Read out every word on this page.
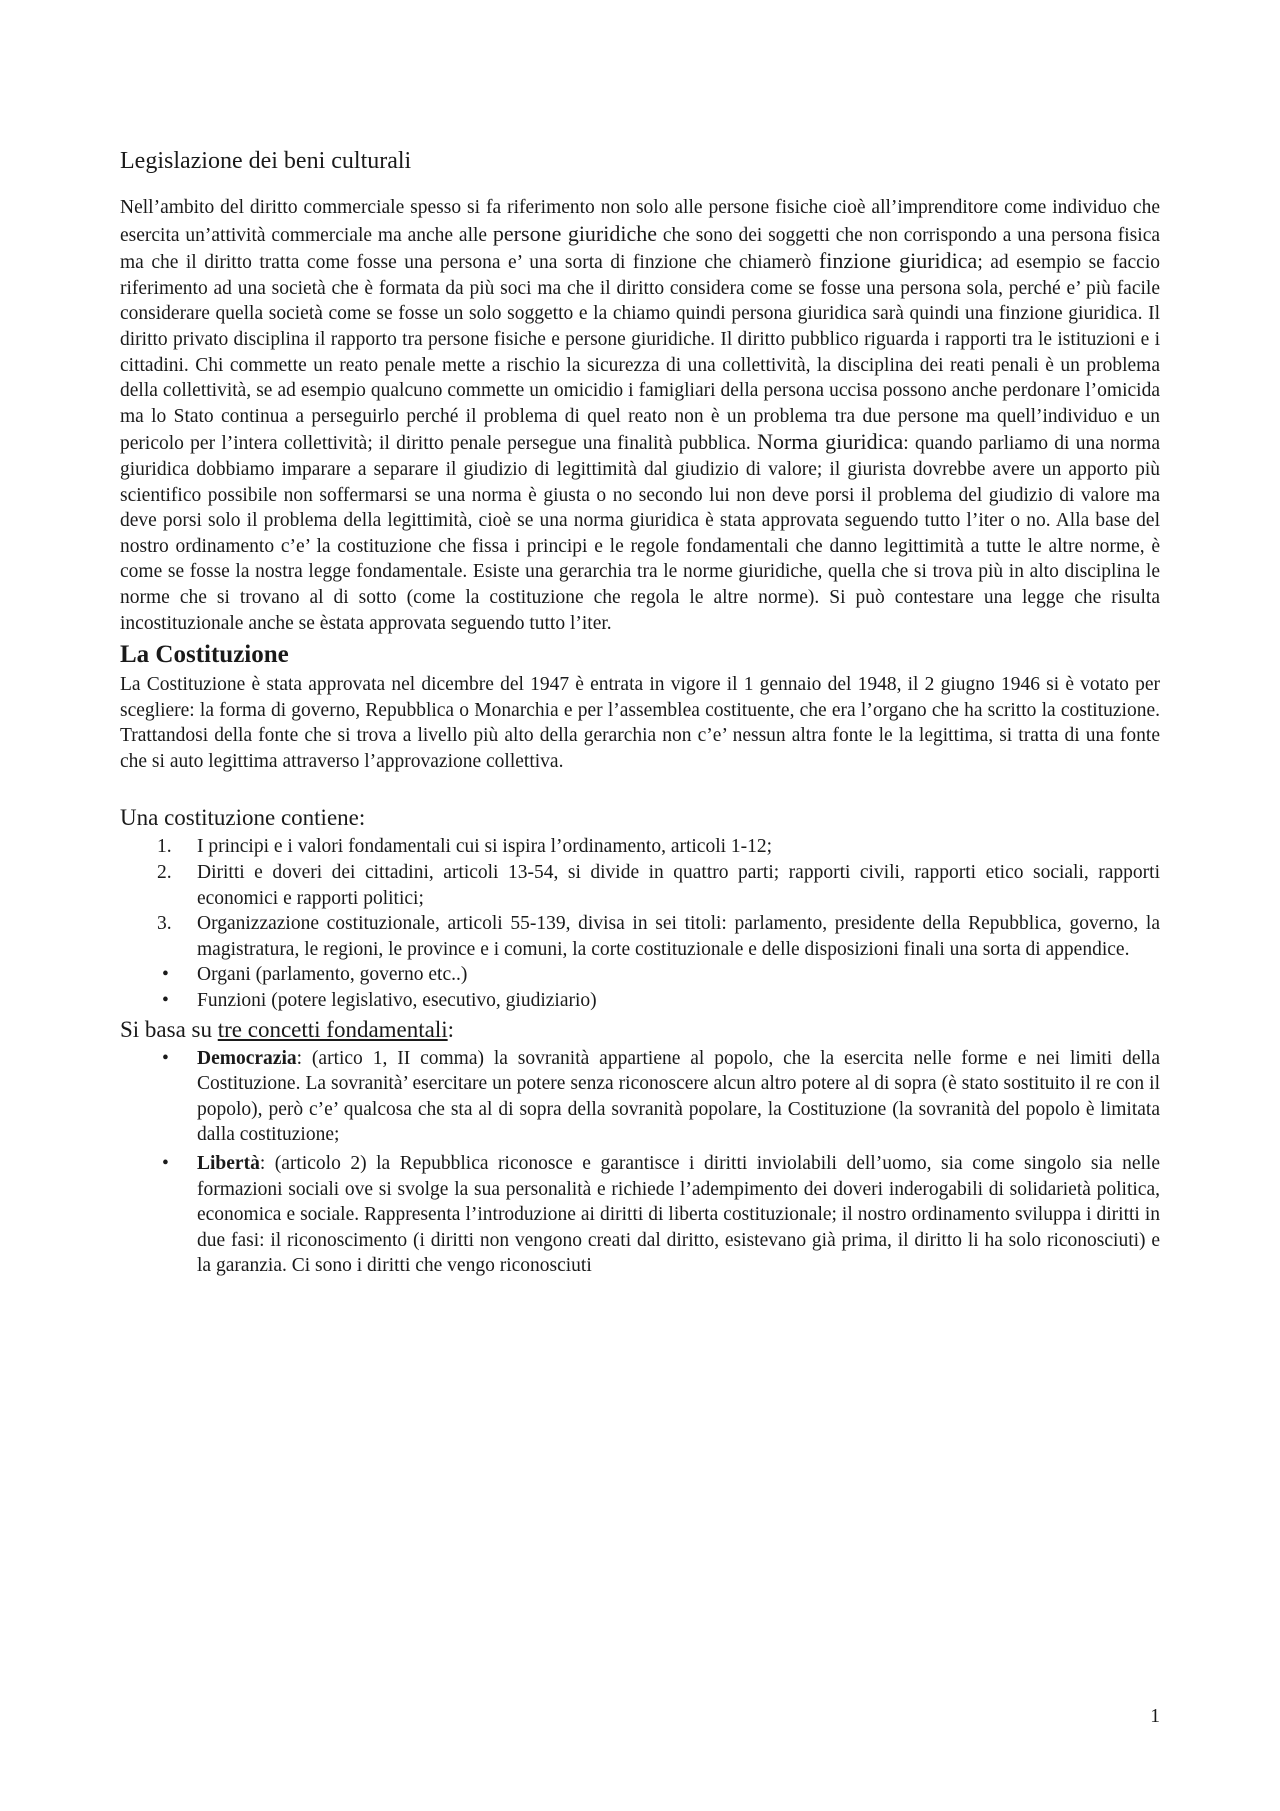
Legislazione dei beni culturali

Nell’ambito del diritto commerciale spesso si fa riferimento non solo alle persone fisiche cioè all’imprenditore come individuo che esercita un’attività commerciale ma anche alle persone giuridiche che sono dei soggetti che non corrispondo a una persona fisica ma che il diritto tratta come fosse una persona e’ una sorta di finzione che chiamerò finzione giuridica; ad esempio se faccio riferimento ad una società che è formata da più soci ma che il diritto considera come se fosse una persona sola, perché e’ più facile considerare quella società come se fosse un solo soggetto e la chiamo quindi persona giuridica sarà quindi una finzione giuridica. Il diritto privato disciplina il rapporto tra persone fisiche e persone giuridiche. Il diritto pubblico riguarda i rapporti tra le istituzioni e i cittadini. Chi commette un reato penale mette a rischio la sicurezza di una collettività, la disciplina dei reati penali è un problema della collettività, se ad esempio qualcuno commette un omicidio i famigliari della persona uccisa possono anche perdonare l’omicida ma lo Stato continua a perseguirlo perché il problema di quel reato non è un problema tra due persone ma quell’individuo e un pericolo per l’intera collettività; il diritto penale persegue una finalità pubblica. Norma giuridica: quando parliamo di una norma giuridica dobbiamo imparare a separare il giudizio di legittimità dal giudizio di valore; il giurista dovrebbe avere un apporto più scientifico possibile non soffermarsi se una norma è giusta o no secondo lui non deve porsi il problema del giudizio di valore ma deve porsi solo il problema della legittimità, cioè se una norma giuridica è stata approvata seguendo tutto l’iter o no. Alla base del nostro ordinamento c’e’ la costituzione che fissa i principi e le regole fondamentali che danno legittimità a tutte le altre norme, è come se fosse la nostra legge fondamentale. Esiste una gerarchia tra le norme giuridiche, quella che si trova più in alto disciplina le norme che si trovano al di sotto (come la costituzione che regola le altre norme). Si può contestare una legge che risulta incostituzionale anche se èstata approvata seguendo tutto l’iter.

La Costituzione

La Costituzione è stata approvata nel dicembre del 1947 è entrata in vigore il 1 gennaio del 1948, il 2 giugno 1946 si è votato per scegliere: la forma di governo, Repubblica o Monarchia e per l’assemblea costituente, che era l’organo che ha scritto la costituzione. Trattandosi della fonte che si trova a livello più alto della gerarchia non c’e’ nessun altra fonte le la legittima, si tratta di una fonte che si auto legittima attraverso l’approvazione collettiva.

Una costituzione contiene:
1.	I principi e i valori fondamentali cui si ispira l’ordinamento, articoli 1-12;
2.	Diritti e doveri dei cittadini, articoli 13-54, si divide in quattro parti; rapporti civili, rapporti etico sociali, rapporti economici e rapporti politici;
3.	Organizzazione costituzionale, articoli 55-139, divisa in sei titoli: parlamento, presidente della Repubblica, governo, la magistratura, le regioni, le province e i comuni, la corte costituzionale e delle disposizioni finali una sorta di appendice.
•	Organi (parlamento, governo etc..)
•	Funzioni (potere legislativo, esecutivo, giudiziario)
Si basa su tre concetti fondamentali:
•	Democrazia: (artico 1, II comma) la sovranità appartiene al popolo, che la esercita nelle forme e nei limiti della Costituzione. La sovranità’ esercitare un potere senza riconoscere alcun altro potere al di sopra (è stato sostituito il re con il popolo), però c’e’ qualcosa che sta al di sopra della sovranità popolare, la Costituzione (la sovranità del popolo è limitata dalla costituzione;
•	Libertà: (articolo 2) la Repubblica riconosce e garantisce i diritti inviolabili dell’uomo, sia come singolo sia nelle formazioni sociali ove si svolge la sua personalità e richiede l’adempimento dei doveri inderogabili di solidarietà politica, economica e sociale. Rappresenta l’introduzione ai diritti di liberta costituzionale; il nostro ordinamento sviluppa i diritti in due fasi: il riconoscimento (i diritti non vengono creati dal diritto, esistevano già prima, il diritto li ha solo riconosciuti) e la garanzia. Ci sono i diritti che vengo riconosciuti
1
